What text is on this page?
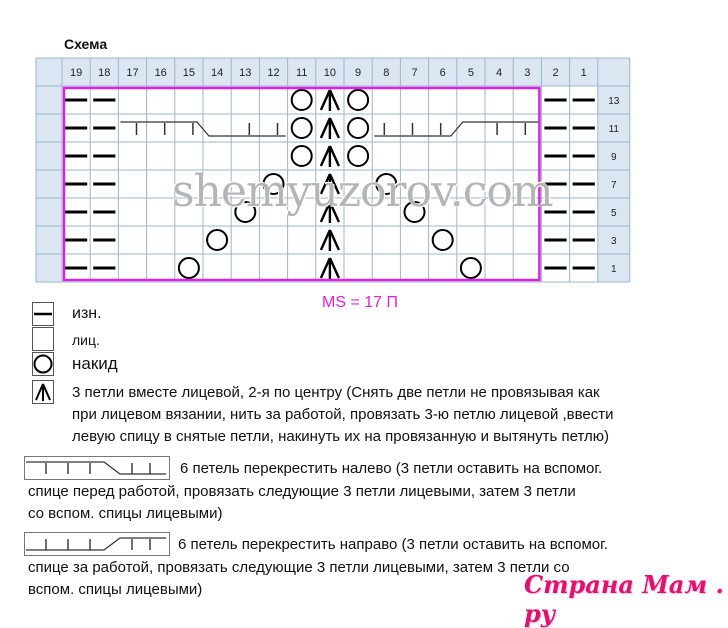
Схема
19 18 17 16 15 14 13 12 11 10 9 8 7 6 5 4 3 2 1
13
11
9
7
5
3
1
shemyuzorov.com
MS = 17 П
изн.
лиц.
накид
3 петли вместе лицевой, 2-я по центру (Снять две петли не провязывая как
при лицевом вязании, нить за работой, провязать 3-ю петлю лицевой ,ввести
левую спицу в снятые петли, накинуть их на провязанную и вытянуть петлю)
6 петель перекрестить налево (3 петли оставить на вспомог.
спице перед работой, провязать следующие 3 петли лицевыми, затем 3 петли
со вспом. спицы лицевыми)
6 петель перекрестить направо (3 петли оставить на вспомог.
спице за работой, провязать следующие 3 петли лицевыми, затем 3 петли со
вспом. спицы лицевыми)	Страна Мам . ру
